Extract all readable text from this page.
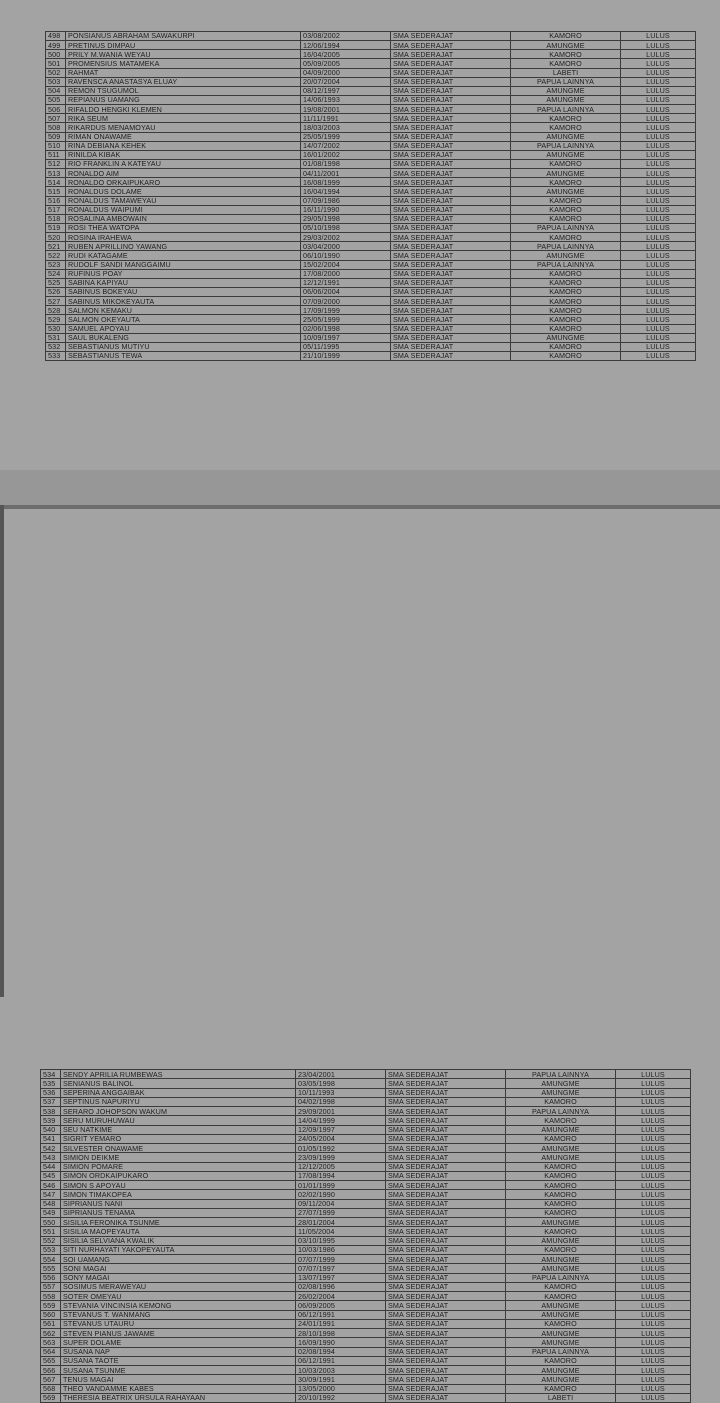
498	PONSIANUS ABRAHAM SAWAKURPI	03/08/2002	SMA SEDERAJAT	KAMORO	LULUS
499	PRETINUS DIMPAU	12/06/1994	SMA SEDERAJAT	AMUNGME	LULUS
500	PRILY M.WANIA WEYAU	16/04/2005	SMA SEDERAJAT	KAMORO	LULUS
501	PROMENSIUS MATAMEKA	05/09/2005	SMA SEDERAJAT	KAMORO	LULUS
502	RAHMAT	04/09/2000	SMA SEDERAJAT	LABETI	LULUS
503	RAVENSCA ANASTASYA ELUAY	20/07/2004	SMA SEDERAJAT	PAPUA LAINNYA	LULUS
504	REMON TSUGUMOL	08/12/1997	SMA SEDERAJAT	AMUNGME	LULUS
505	REPIANUS UAMANG	14/06/1993	SMA SEDERAJAT	AMUNGME	LULUS
506	RIFALDO HENGKI KLEMEN	19/08/2001	SMA SEDERAJAT	PAPUA LAINNYA	LULUS
507	RIKA SEUM	11/11/1991	SMA SEDERAJAT	KAMORO	LULUS
508	RIKARDUS MENAMOYAU	18/03/2003	SMA SEDERAJAT	KAMORO	LULUS
509	RIMAN ONAWAME	25/05/1999	SMA SEDERAJAT	AMUNGME	LULUS
510	RINA DEBIANA KEHEK	14/07/2002	SMA SEDERAJAT	PAPUA LAINNYA	LULUS
511	RINILDA KIBAK	16/01/2002	SMA SEDERAJAT	AMUNGME	LULUS
512	RIO FRANKLIN A KATEYAU	01/08/1998	SMA SEDERAJAT	KAMORO	LULUS
513	RONALDO AIM	04/11/2001	SMA SEDERAJAT	AMUNGME	LULUS
514	RONALDO ORKAIPUKARO	16/08/1999	SMA SEDERAJAT	KAMORO	LULUS
515	RONALDUS DOLAME	16/04/1994	SMA SEDERAJAT	AMUNGME	LULUS
516	RONALDUS TAMAWEYAU	07/09/1986	SMA SEDERAJAT	KAMORO	LULUS
517	RONALDUS WAIPUMI	16/11/1990	SMA SEDERAJAT	KAMORO	LULUS
518	ROSALINA AMBOWAIN	29/05/1998	SMA SEDERAJAT	KAMORO	LULUS
519	ROSI THEA WATOPA	05/10/1998	SMA SEDERAJAT	PAPUA LAINNYA	LULUS
520	ROSINA IRAHEWA	29/03/2002	SMA SEDERAJAT	KAMORO	LULUS
521	RUBEN APRILLINO YAWANG	03/04/2000	SMA SEDERAJAT	PAPUA LAINNYA	LULUS
522	RUDI KATAGAME	06/10/1990	SMA SEDERAJAT	AMUNGME	LULUS
523	RUDOLF SANDI MANGGAIMU	15/02/2004	SMA SEDERAJAT	PAPUA LAINNYA	LULUS
524	RUFINUS POAY	17/08/2000	SMA SEDERAJAT	KAMORO	LULUS
525	SABINA KAPIYAU	12/12/1991	SMA SEDERAJAT	KAMORO	LULUS
526	SABINUS BOKEYAU	06/06/2004	SMA SEDERAJAT	KAMORO	LULUS
527	SABINUS MIKOKEYAUTA	07/09/2000	SMA SEDERAJAT	KAMORO	LULUS
528	SALMON KEMAKU	17/09/1999	SMA SEDERAJAT	KAMORO	LULUS
529	SALMON OKEYAUTA	25/05/1999	SMA SEDERAJAT	KAMORO	LULUS
530	SAMUEL APOYAU	02/06/1998	SMA SEDERAJAT	KAMORO	LULUS
531	SAUL BUKALENG	10/09/1997	SMA SEDERAJAT	AMUNGME	LULUS
532	SEBASTIANUS MUTIYU	05/11/1995	SMA SEDERAJAT	KAMORO	LULUS
533	SEBASTIANUS TEWA	21/10/1999	SMA SEDERAJAT	KAMORO	LULUS
534	SENDY APRILIA RUMBEWAS	23/04/2001	SMA SEDERAJAT	PAPUA LAINNYA	LULUS
535	SENIANUS BALINOL	03/05/1998	SMA SEDERAJAT	AMUNGME	LULUS
536	SEPERINA ANGGAIBAK	10/11/1993	SMA SEDERAJAT	AMUNGME	LULUS
537	SEPTINUS NAPURIYU	04/02/1998	SMA SEDERAJAT	KAMORO	LULUS
538	SERARO JOHOPSON WAKUM	29/09/2001	SMA SEDERAJAT	PAPUA LAINNYA	LULUS
539	SERU MURUHUWAU	14/04/1999	SMA SEDERAJAT	KAMORO	LULUS
540	SEU NATKIME	12/09/1997	SMA SEDERAJAT	AMUNGME	LULUS
541	SIGRIT YEMARO	24/05/2004	SMA SEDERAJAT	KAMORO	LULUS
542	SILVESTER ONAWAME	01/05/1992	SMA SEDERAJAT	AMUNGME	LULUS
543	SIMION DEIKME	23/09/1999	SMA SEDERAJAT	AMUNGME	LULUS
544	SIMION POMARE	12/12/2005	SMA SEDERAJAT	KAMORO	LULUS
545	SIMON ORDKAIPUKARO	17/08/1994	SMA SEDERAJAT	KAMORO	LULUS
546	SIMON S APOYAU	01/01/1999	SMA SEDERAJAT	KAMORO	LULUS
547	SIMON TIMAKOPEA	02/02/1990	SMA SEDERAJAT	KAMORO	LULUS
548	SIPRIANUS NANI	09/11/2004	SMA SEDERAJAT	KAMORO	LULUS
549	SIPRIANUS TENAMA	27/07/1999	SMA SEDERAJAT	KAMORO	LULUS
550	SISILIA FERONIKA TSUNME	28/01/2004	SMA SEDERAJAT	AMUNGME	LULUS
551	SISILIA MAOPEYAUTA	11/05/2004	SMA SEDERAJAT	KAMORO	LULUS
552	SISILIA SELVIANA KWALIK	03/10/1995	SMA SEDERAJAT	AMUNGME	LULUS
553	SITI NURHAYATI YAKOPEYAUTA	10/03/1986	SMA SEDERAJAT	KAMORO	LULUS
554	SOI UAMANG	07/07/1999	SMA SEDERAJAT	AMUNGME	LULUS
555	SONI MAGAI	07/07/1997	SMA SEDERAJAT	AMUNGME	LULUS
556	SONY MAGAI	13/07/1997	SMA SEDERAJAT	PAPUA LAINNYA	LULUS
557	SOSIMUS MERAWEYAU	02/08/1996	SMA SEDERAJAT	KAMORO	LULUS
558	SOTER OMEYAU	26/02/2004	SMA SEDERAJAT	KAMORO	LULUS
559	STEVANIA VINCINSIA KEMONG	06/09/2005	SMA SEDERAJAT	AMUNGME	LULUS
560	STEVANUS T. WANMANG	06/12/1991	SMA SEDERAJAT	AMUNGME	LULUS
561	STEVANUS UTAURU	24/01/1991	SMA SEDERAJAT	KAMORO	LULUS
562	STEVEN PIANUS JAWAME	28/10/1998	SMA SEDERAJAT	AMUNGME	LULUS
563	SUPER DOLAME	16/09/1990	SMA SEDERAJAT	AMUNGME	LULUS
564	SUSANA NAP	02/08/1994	SMA SEDERAJAT	PAPUA LAINNYA	LULUS
565	SUSANA TAOTE	06/12/1991	SMA SEDERAJAT	KAMORO	LULUS
566	SUSANA TSUNME	10/03/2003	SMA SEDERAJAT	AMUNGME	LULUS
567	TENUS MAGAI	30/09/1991	SMA SEDERAJAT	AMUNGME	LULUS
568	THEO VANDAMME KABES	13/05/2000	SMA SEDERAJAT	KAMORO	LULUS
569	THERESIA BEATRIX URSULA RAHAYAAN	20/10/1992	SMA SEDERAJAT	LABETI	LULUS
